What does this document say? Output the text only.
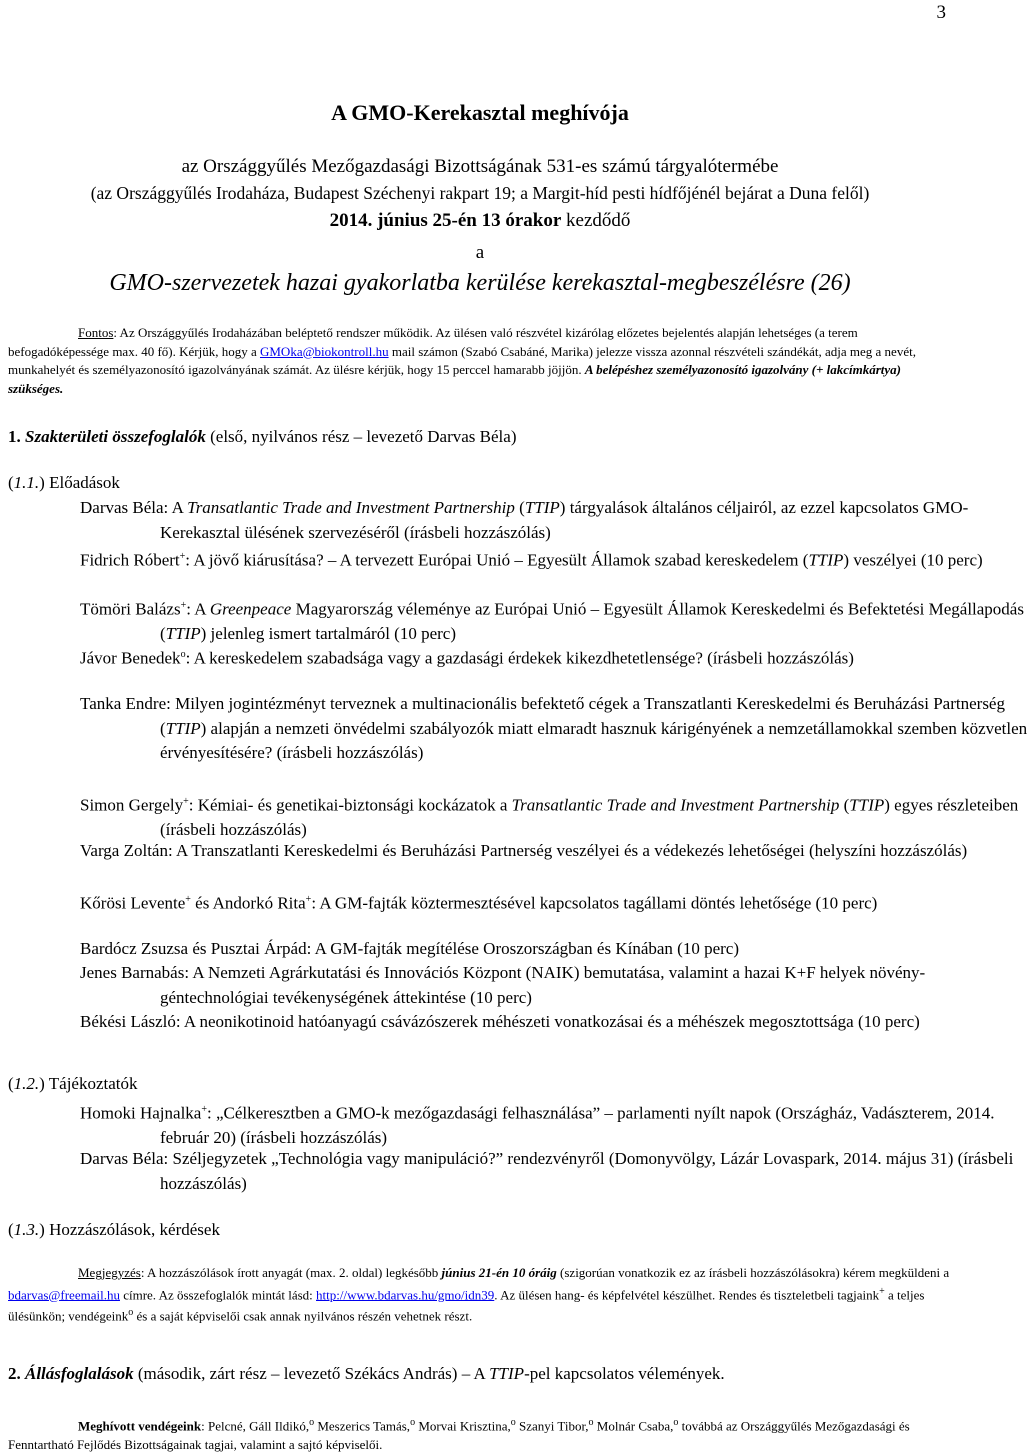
3
A GMO-Kerekasztal meghívója
az Országgyűlés Mezőgazdasági Bizottságának 531-es számú tárgyalótermébe
(az Országgyűlés Irodaháza, Budapest Széchenyi rakpart 19; a Margit-híd pesti hídfőjénél bejárat a Duna felől)
2014. június 25-én 13 órakor kezdődő
a
GMO-szervezetek hazai gyakorlatba kerülése kerekasztal-megbeszélésre (26)
Fontos: Az Országgyűlés Irodaházában beléptető rendszer működik. Az ülésen való részvétel kizárólag előzetes bejelentés alapján lehetséges (a terem befogadóképessége max. 40 fő). Kérjük, hogy a GMOka@biokontroll.hu mail számon (Szabó Csabáné, Marika) jelezze vissza azonnal részvételi szándékát, adja meg a nevét, munkahelyét és személyazonosító igazolványának számát. Az ülésre kérjük, hogy 15 perccel hamarabb jöjjön. A belépéshez személyazonosító igazolvány (+ lakcímkártya) szükséges.
1. Szakterületi összefoglalók (első, nyilvános rész – levezető Darvas Béla)
(1.1.) Előadások
Darvas Béla: A Transatlantic Trade and Investment Partnership (TTIP) tárgyalások általános céljairól, az ezzel kapcsolatos GMO-Kerekasztal ülésének szervezéséről (írásbeli hozzászólás)
Fidrich Róbert+: A jövő kiárusítása? – A tervezett Európai Unió – Egyesült Államok szabad kereskedelem (TTIP) veszélyei (10 perc)
Tömöri Balázs+: A Greenpeace Magyarország véleménye az Európai Unió – Egyesült Államok Kereskedelmi és Befektetési Megállapodás (TTIP) jelenleg ismert tartalmáról (10 perc)
Jávor Benedek$^o$: A kereskedelem szabadsága vagy a gazdasági érdekek kikezdhetetlensége? (írásbeli hozzászólás)
Tanka Endre: Milyen jogintézményt terveznek a multinacionális befektető cégek a Transzatlanti Kereskedelmi és Beruházási Partnerség (TTIP) alapján a nemzeti önvédelmi szabályozók miatt elmaradt hasznuk kárigényének a nemzetállamokkal szemben közvetlen érvényesítésére? (írásbeli hozzászólás)
Simon Gergely+: Kémiai- és genetikai-biztonsági kockázatok a Transatlantic Trade and Investment Partnership (TTIP) egyes részleteiben (írásbeli hozzászólás)
Varga Zoltán: A Transzatlanti Kereskedelmi és Beruházási Partnerség veszélyei és a védekezés lehetőségei (helyszíni hozzászólás)
Kőrösi Levente+ és Andorkó Rita+: A GM-fajták köztermesztésével kapcsolatos tagállami döntés lehetősége (10 perc)
Bardócz Zsuzsa és Pusztai Árpád: A GM-fajták megítélése Oroszországban és Kínában (10 perc)
Jenes Barnabás: A Nemzeti Agrárkutatási és Innovációs Központ (NAIK) bemutatása, valamint a hazai K+F helyek növény-géntechnológiai tevékenységének áttekintése (10 perc)
Békési László: A neonikotinoid hatóanyagú csávázószerek méhészeti vonatkozásai és a méhészek megosztottsága (10 perc)
(1.2.) Tájékoztatók
Homoki Hajnalka+: „Célkeresztben a GMO-k mezőgazdasági felhasználása” – parlamenti nyílt napok (Országház, Vadászterem, 2014. február 20) (írásbeli hozzászólás)
Darvas Béla: Széljegyzetek „Technológia vagy manipuláció?” rendezvényről (Domonyvölgy, Lázár Lovaspark, 2014. május 31) (írásbeli hozzászólás)
(1.3.) Hozzászólások, kérdések
Megjegyzés: A hozzászólások írott anyagát (max. 2. oldal) legkésőbb június 21-én 10 óráig (szigorúan vonatkozik ez az írásbeli hozzászólásokra) kérem megküldeni a bdarvas@freemail.hu címre. Az összefoglalók mintát lásd: http://www.bdarvas.hu/gmo/idn39. Az ülésen hang- és képfelvétel készülhet. Rendes és tiszteletbeli tagjaink+ a teljes ülésünkön; vendégeink$^o$ és a saját képviselői csak annak nyilvános részén vehetnek részt.
2. Állásfoglalások (második, zárt rész – levezető Székács András) – A TTIP-pel kapcsolatos vélemények.
Meghívott vendégeink: Pelcné, Gáll Ildikó,$^o$ Meszerics Tamás,$^o$ Morvai Krisztina,$^o$ Szanyi Tibor,$^o$ Molnár Csaba,$^o$ továbbá az Országgyűlés Mezőgazdasági és Fenntartható Fejlődés Bizottságainak tagjai, valamint a sajtó képviselői.
